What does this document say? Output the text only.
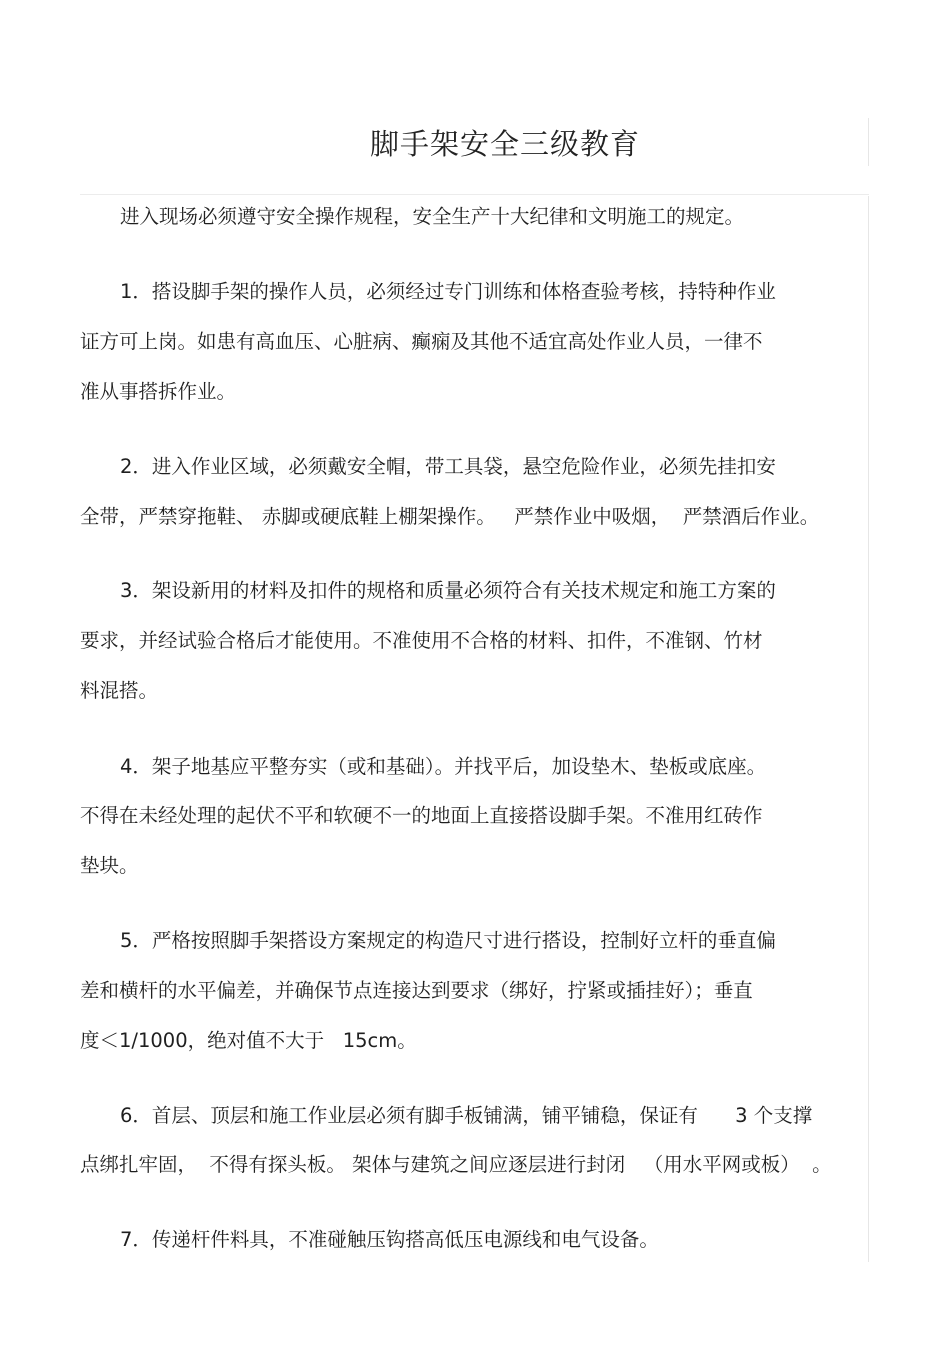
脚手架安全三级教育

进入现场必须遵守安全操作规程，安全生产十大纪律和文明施工的规定。

1．搭设脚手架的操作人员，必须经过专门训练和体格查验考核，持特种作业

证方可上岗。如患有高血压、心脏病、癫痫及其他不适宜高处作业人员，一律不

准从事搭拆作业。

2．进入作业区域，必须戴安全帽，带工具袋，悬空危险作业，必须先挂扣安

全带，严禁穿拖鞋、 赤脚或硬底鞋上棚架操作。   严禁作业中吸烟，  严禁酒后作业。

3．架设新用的材料及扣件的规格和质量必须符合有关技术规定和施工方案的

要求，并经试验合格后才能使用。不准使用不合格的材料、扣件，不准钢、竹材

料混搭。

4．架子地基应平整夯实（或和基础）。并找平后，加设垫木、垫板或底座。

不得在未经处理的起伏不平和软硬不一的地面上直接搭设脚手架。不准用红砖作

垫块。

5．严格按照脚手架搭设方案规定的构造尺寸进行搭设，控制好立杆的垂直偏

差和横杆的水平偏差，并确保节点连接达到要求（绑好，拧紧或插挂好）；垂直

度＜1/1000，绝对值不大于   15cm。

6．首层、顶层和施工作业层必须有脚手板铺满，铺平铺稳，保证有      3 个支撑

点绑扎牢固，  不得有探头板。 架体与建筑之间应逐层进行封闭   （用水平网或板）  。

7．传递杆件料具，不准碰触压钩搭高低压电源线和电气设备。
